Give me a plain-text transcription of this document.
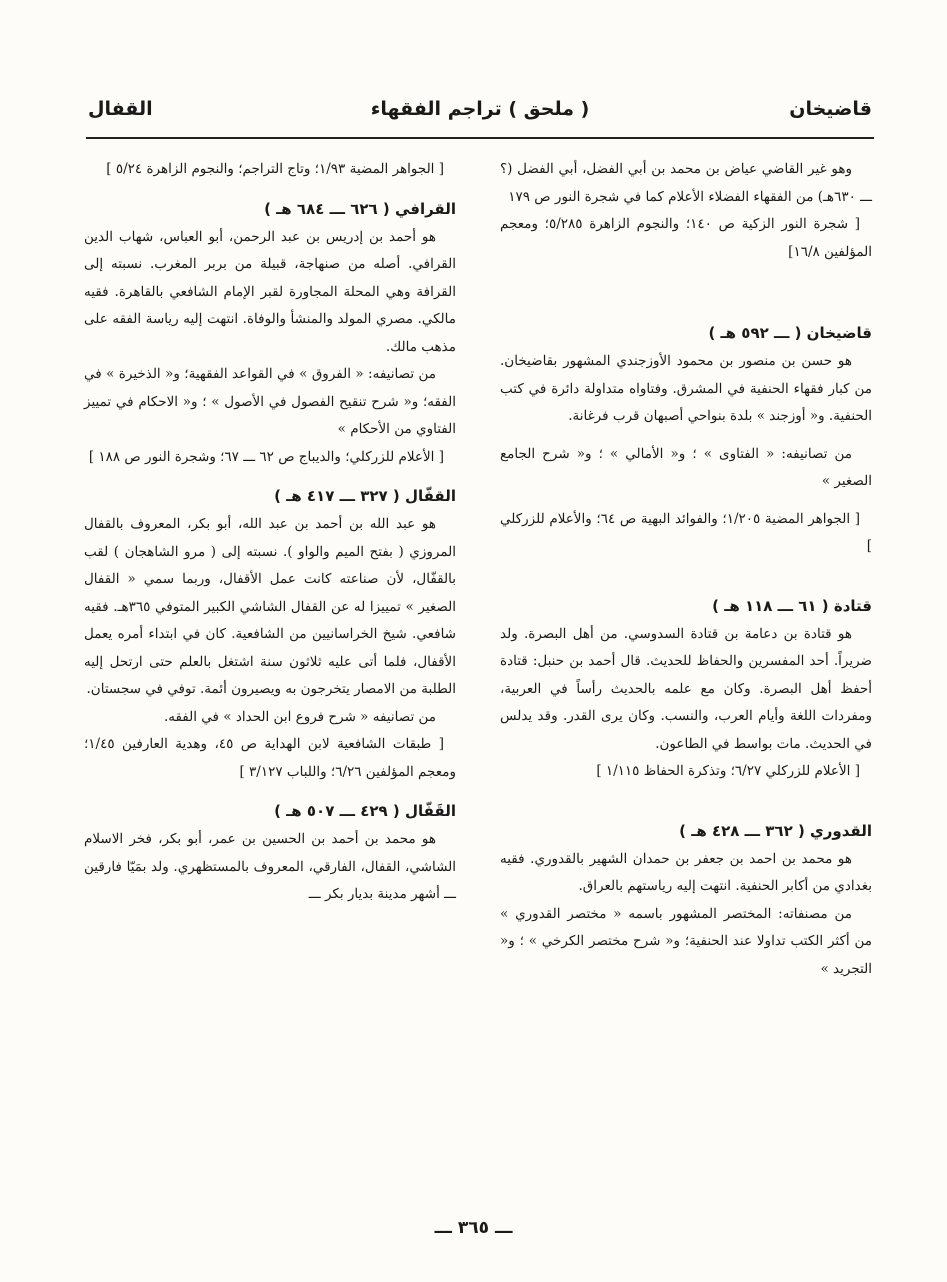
( ملحق ) تراجم الفقهاء	قاضيخان
القفال

وهو غير القاضي عياض بن محمد بن أبي الفضل، أبي الفضل (؟ ـــ ٦٣٠هـ) من الفقهاء الفضلاء الأعلام كما في شجرة النور ص ١٧٩

[ شجرة النور الزكية ص ١٤٠؛ والنجوم الزاهرة ٥/٢٨٥؛ ومعجم المؤلفين ١٦/٨]

قاضيخان ( ـــ ٥٩٢ هـ )

هو حسن بن منصور بن محمود الأوزجندي المشهور بقاضيخان. من كبار فقهاء الحنفية في المشرق. وفتاواه متداولة دائرة في كتب الحنفية. و« أوزجند » بلدة بنواحي أصبهان قرب فرغانة.

من تصانيفه: « الفتاوى » ؛ و« الأمالي » ؛ و« شرح الجامع الصغير »

[ الجواهر المضية ١/٢٠٥؛ والفوائد البهية ص ٦٤؛ والأعلام للزركلي ]

قتادة ( ٦١ ـــ ١١٨ هـ )

هو قتادة بن دعامة بن قتادة السدوسي. من أهل البصرة. ولد ضريراً. أحد المفسرين والحفاظ للحديث. قال أحمد بن حنبل: قتادة أحفظ أهل البصرة. وكان مع علمه بالحديث رأساً في العربية، ومفردات اللغة وأيام العرب، والنسب. وكان يرى القدر. وقد يدلس في الحديث. مات بواسط في الطاعون.

[ الأعلام للزركلي ٦/٢٧؛ وتذكرة الحفاظ ١/١١٥ ]

القدوري ( ٣٦٢ ـــ ٤٢٨ هـ )

هو محمد بن احمد بن جعفر بن حمدان الشهير بالقدوري. فقيه بغدادي من أكابر الحنفية. انتهت إليه رياستهم بالعراق.

من مصنفاته: المختصر المشهور باسمه « مختصر القدوري » من أكثر الكتب تداولا عند الحنفية؛ و« شرح مختصر الكرخي » ؛ و« التجريد »

[ الجواهر المضية ١/٩٣؛ وتاج التراجم؛ والنجوم الزاهرة ٥/٢٤ ]

القرافي ( ٦٢٦ ـــ ٦٨٤ هـ )

هو أحمد بن إدريس بن عبد الرحمن، أبو العباس، شهاب الدين القرافي. أصله من صنهاجة، قبيلة من بربر المغرب. نسبته إلى القرافة وهي المحلة المجاورة لقبر الإمام الشافعي بالقاهرة. فقيه مالكي. مصري المولد والمنشأ والوفاة. انتهت إليه رياسة الفقه على مذهب مالك.

من تصانيفه: « الفروق » في القواعد الفقهية؛ و« الذخيرة » في الفقه؛ و« شرح تنقيح الفصول في الأصول » ؛ و« الاحكام في تمييز الفتاوي من الأحكام »

[ الأعلام للزركلي؛ والديباج ص ٦٢ ـــ ٦٧؛ وشجرة النور ص ١٨٨ ]

القفّال ( ٣٢٧ ـــ ٤١٧ هـ )

هو عبد الله بن أحمد بن عبد الله، أبو بكر، المعروف بالقفال المروزي ( بفتح الميم والواو ). نسبته إلى ( مرو الشاهجان ) لقب بالقفّال، لأن صناعته كانت عمل الأقفال، وربما سمي « القفال الصغير » تمييزا له عن القفال الشاشي الكبير المتوفي ٣٦٥هـ. فقيه شافعي. شيخ الخراسانيين من الشافعية. كان في ابتداء أمره يعمل الأقفال، فلما أتى عليه ثلاثون سنة اشتغل بالعلم حتى ارتحل إليه الطلبة من الامصار يتخرجون به ويصيرون أئمة. توفي في سجستان.

من تصانيفه « شرح فروع ابن الحداد » في الفقه.

[ طبقات الشافعية لابن الهداية ص ٤٥، وهدية العارفين ١/٤٥؛ ومعجم المؤلفين ٦/٢٦؛ واللباب ٣/١٢٧ ]

القَفّال ( ٤٢٩ ـــ ٥٠٧ هـ )

هو محمد بن أحمد بن الحسين بن عمر، أبو بكر، فخر الاسلام الشاشي، القفال، الفارقي، المعروف بالمستظهري. ولد بمَيّا فارقين ـــ أشهر مدينة بديار بكر ـــ

ـــ ٣٦٥ ـــ
